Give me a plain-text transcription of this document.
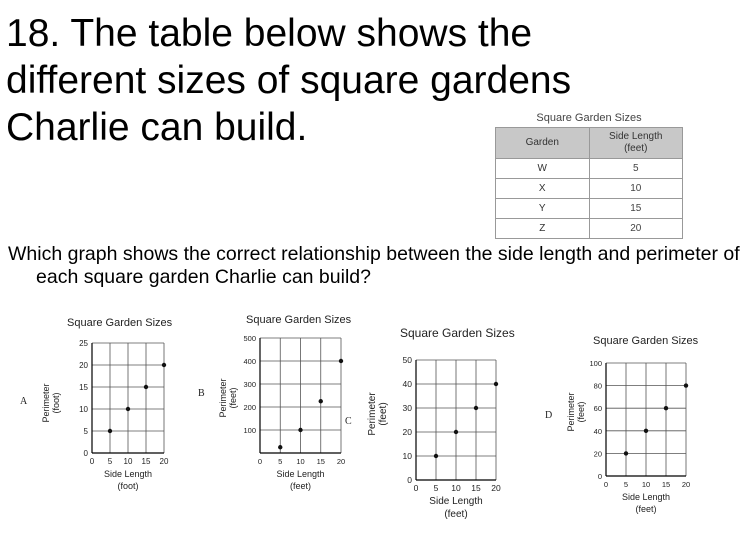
18. The table below shows the different sizes of square gardens Charlie can build.	Square Garden Sizes
Garden	Side Length
(feet)
W	5
X	10
Y	15
Z	20

Which graph shows the correct relationship between the side length and perimeter of each square garden Charlie can build?

A
B
C
D
Square Garden Sizes
Perimeter (foot)
0 5 10 15 20
0
5
10
15
20
25
Side Length
(foot)
Square Garden Sizes
Perimeter (feet)
0 5 10 15 20
100
200
300
400
500
Side Length
(feet)
Square Garden Sizes
Perimeter (feet)
0 5 10 15 20
0
10
20
30
40
50
Side Length
(feet)
Square Garden Sizes
Perimeter (feet)
0 5 10 15 20
0
20
40
60
80
100
Side Length
(feet)
